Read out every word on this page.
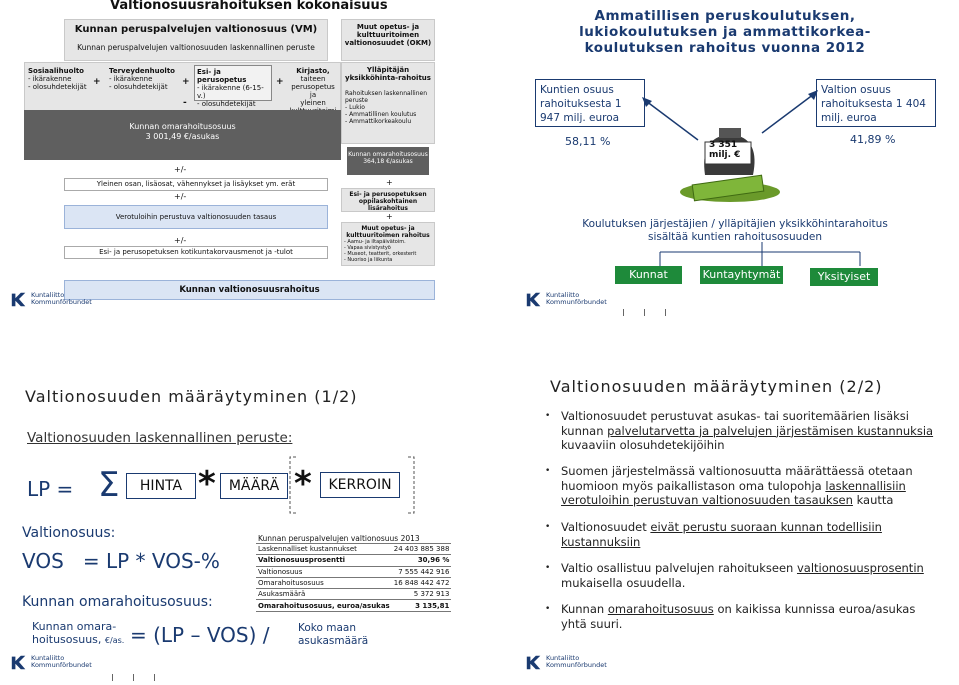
Valtionosuusrahoituksen kokonaisuus
Kunnan peruspalvelujen valtionosuus (VM)
Kunnan peruspalvelujen valtionosuuden laskennallinen peruste
Muut opetus- ja kulttuuritoimen valtionosuudet (OKM)
Sosiaalihuolto
- ikärakenne
- olosuhdetekijät +
Terveydenhuolto
- ikärakenne
- olosuhdetekijät	+
Esi- ja perusopetus
- ikärakenne (6-15-v.)
- olosuhdetekijät
+
Kirjasto,
taiteen
perusopetus ja
yleinen
-
Kunnan omarahoitusosuus
3 001,49 €/asukas
+/-
Yleinen osan, lisäosat, vähennykset ja lisäykset ym. erät
+/-
Verotuloihin perustuva valtionosuuden tasaus
+/-
Esi- ja perusopetuksen kotikuntakorvausmenot ja -tulot
Ylläpitäjän yksikköhinta-rahoitus
Rahoituksen laskennallinen peruste
- Lukio
- Ammatillinen koulutus
- Ammattikorkeakoulu
Kunnan omarahoitusosuus
364,18 €/asukas
+
Esi- ja perusopetuksen oppilaskohtainen lisärahoitus
+
Muut opetus- ja kulttuuritoimen rahoitus
- Aamu- ja iltapäivätoim.
- Vapaa sivistystyö
- Museot, teatterit, orkesterit
- Nuoriso ja liikunta
Kunnan valtionosuusrahoitus
Kuntaliitto
Kommunförbundet
Ammatillisen peruskoulutuksen, lukiokoulutuksen ja ammattikorkea-koulutuksen rahoitus vuonna 2012
Kuntien osuus rahoituksesta 1 947 milj. euroa
Valtion osuus rahoituksesta 1 404 milj. euroa
58,11 %	41,89 %
3 351 milj. €
Koulutuksen järjestäjien / ylläpitäjien yksikköhintarahoitus sisältää kuntien rahoitusosuuden
Kunnat	Kuntayhtymät	Yksityiset
Kuntaliitto
Kommunförbundet
Valtionosuuden määräytyminen (1/2)
Valtionosuuden laskennallinen peruste:
LP = Σ	HINTA * MÄÄRÄ *	KERROIN
Valtionosuus:
VOS   = LP * VOS-%
Kunnan omarahoitusosuus:
Kunnan omara-hoitusosuus, €/as. = (LP – VOS) /	Koko maan asukasmäärä
Kunnan peruspalvelujen valtionosuus 2013
Laskennalliset kustannukset	24 403 885 388
Valtionosuusprosentti	30,96 %
Valtionosuus	7 555 442 916
Omarahoitusosuus	16 848 442 472
Asukasmäärä	5 372 913
Omarahoitusosuus, euroa/asukas	3 135,81
Kuntaliitto
Kommunförbundet
Valtionosuuden määräytyminen (2/2)
• Valtionosuudet perustuvat asukas- tai suoritemäärien lisäksi kunnan palvelutarvetta ja palvelujen järjestämisen kustannuksia kuvaaviin olosuhdetekijöihin
• Suomen järjestelmässä valtionosuutta määrättäessä otetaan huomioon myös paikallistason oma tulopohja laskennallisiin verotuloihin perustuvan valtionosuuden tasauksen kautta
• Valtionosuudet eivät perustu suoraan kunnan todellisiin kustannuksiin
• Valtio osallistuu palvelujen rahoitukseen valtionosuusprosentin mukaisella osuudella.
• Kunnan omarahoitusosuus on kaikissa kunnissa euroa/asukas yhtä suuri.
Kuntaliitto
Kommunförbundet
